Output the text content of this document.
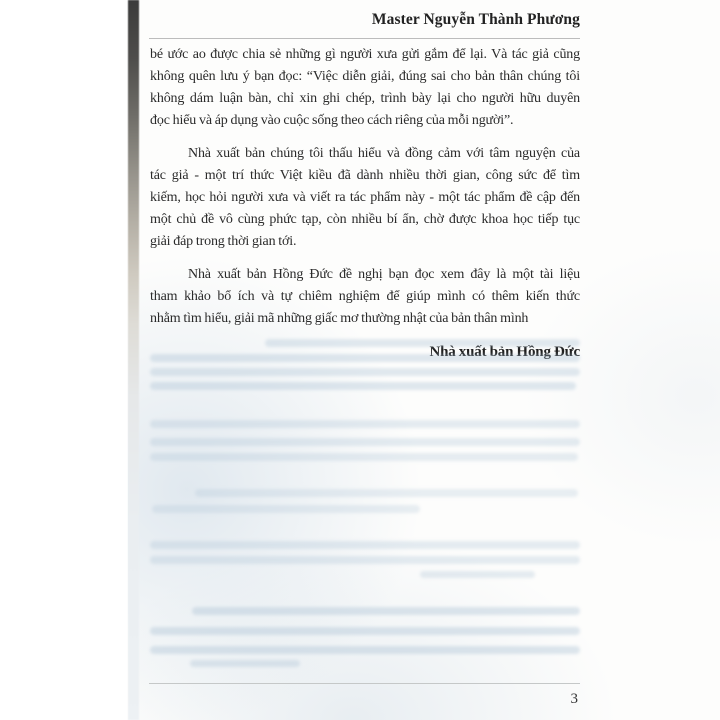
Master Nguyễn Thành Phương
bé ước ao được chia sẻ những gì người xưa gửi gắm để lại. Và tác giả cũng
không quên lưu ý bạn đọc: “Việc diễn giải, đúng sai cho bản thân chúng tôi
không dám luận bàn, chỉ xin ghi chép, trình bày lại cho người hữu duyên
đọc hiểu và áp dụng vào cuộc sống theo cách riêng của mỗi người”.
Nhà xuất bản chúng tôi thấu hiểu và đồng cảm với tâm nguyện của
tác giả - một trí thức Việt kiều đã dành nhiều thời gian, công sức để tìm
kiếm, học hỏi người xưa và viết ra tác phẩm này - một tác phẩm đề cập đến
một chủ đề vô cùng phức tạp, còn nhiều bí ẩn, chờ được khoa học tiếp tục
giải đáp trong thời gian tới.
Nhà xuất bản Hồng Đức đề nghị bạn đọc xem đây là một tài liệu
tham khảo bổ ích và tự chiêm nghiệm để giúp mình có thêm kiến thức
nhằm tìm hiểu, giải mã những giấc mơ thường nhật của bản thân mình
Nhà xuất bản Hồng Đức
3
